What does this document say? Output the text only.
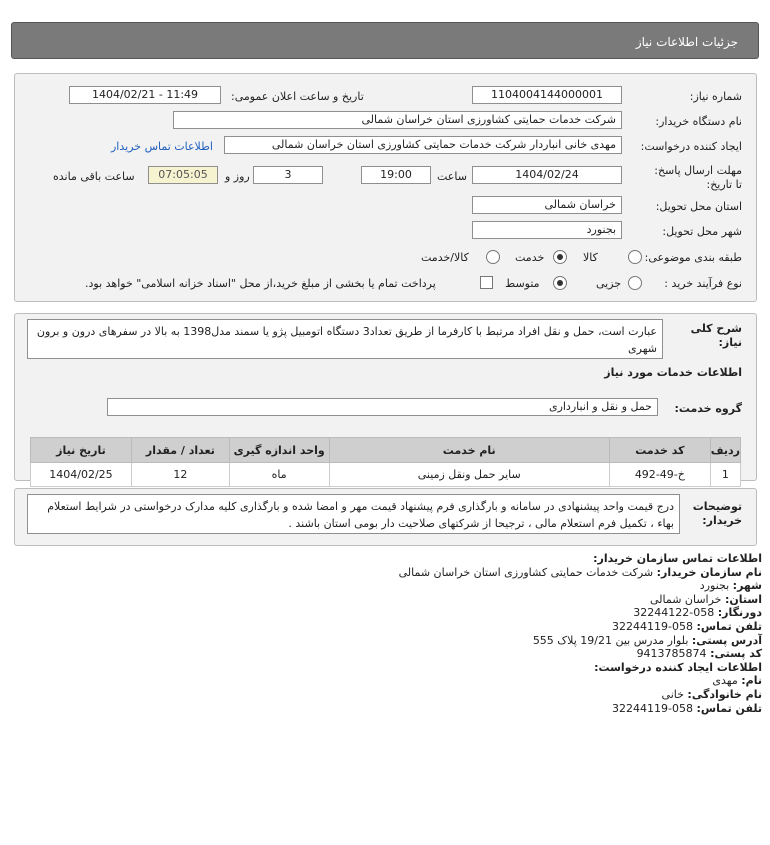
جزئیات اطلاعات نیاز
شماره نیاز:
1104004144000001
تاریخ و ساعت اعلان عمومی:
1404/02/21 - 11:49
نام دستگاه خریدار:
شرکت خدمات حمایتی کشاورزی استان خراسان شمالی
ایجاد کننده درخواست:
مهدی خانی انباردار شرکت خدمات حمایتی کشاورزی استان خراسان شمالی
اطلاعات تماس خریدار
مهلت ارسال پاسخ: تا تاریخ:
1404/02/24
ساعت
19:00
3
روز و
07:05:05
ساعت باقی مانده
استان محل تحویل:
خراسان شمالی
شهر محل تحویل:
بجنورد
طبقه بندی موضوعی:
کالا
خدمت
کالا/خدمت
نوع فرآیند خرید :
جزیی
متوسط
پرداخت تمام یا بخشی از مبلغ خرید،از محل "اسناد خزانه اسلامی" خواهد بود.
شرح کلی نیاز:
عبارت است، حمل و نقل افراد مرتبط با کارفرما از طریق تعداد3 دستگاه اتومبیل پژو یا سمند مدل1398 به بالا در سفرهای درون و برون شهری
اطلاعات خدمات مورد نیاز
گروه خدمت:
حمل و نقل و انبارداری
ردیف	کد خدمت	نام خدمت	واحد اندازه گیری	تعداد / مقدار	تاریخ نیاز
1	خ-49-492	سایر حمل ونقل زمینی	ماه	12	1404/02/25
توضیحات خریدار:
درج قیمت واحد پیشنهادی در سامانه و بارگذاری فرم پیشنهاد قیمت مهر و امضا شده و بارگذاری کلیه مدارک درخواستی در شرایط استعلام بهاء ، تکمیل فرم استعلام مالی ، ترجیحا از شرکتهای صلاحیت دار بومی استان باشند .
اطلاعات تماس سازمان خریدار:
نام سازمان خریدار: شرکت خدمات حمایتی کشاورزی استان خراسان شمالی
شهر: بجنورد
استان: خراسان شمالی
دورنگار: 058-32244122
تلفن تماس: 058-32244119
آدرس پستی: بلوار مدرس بین 19/21 پلاک 555
کد پستی: 9413785874
اطلاعات ایجاد کننده درخواست:
نام: مهدی
نام خانوادگی: خانی
تلفن تماس: 058-32244119
